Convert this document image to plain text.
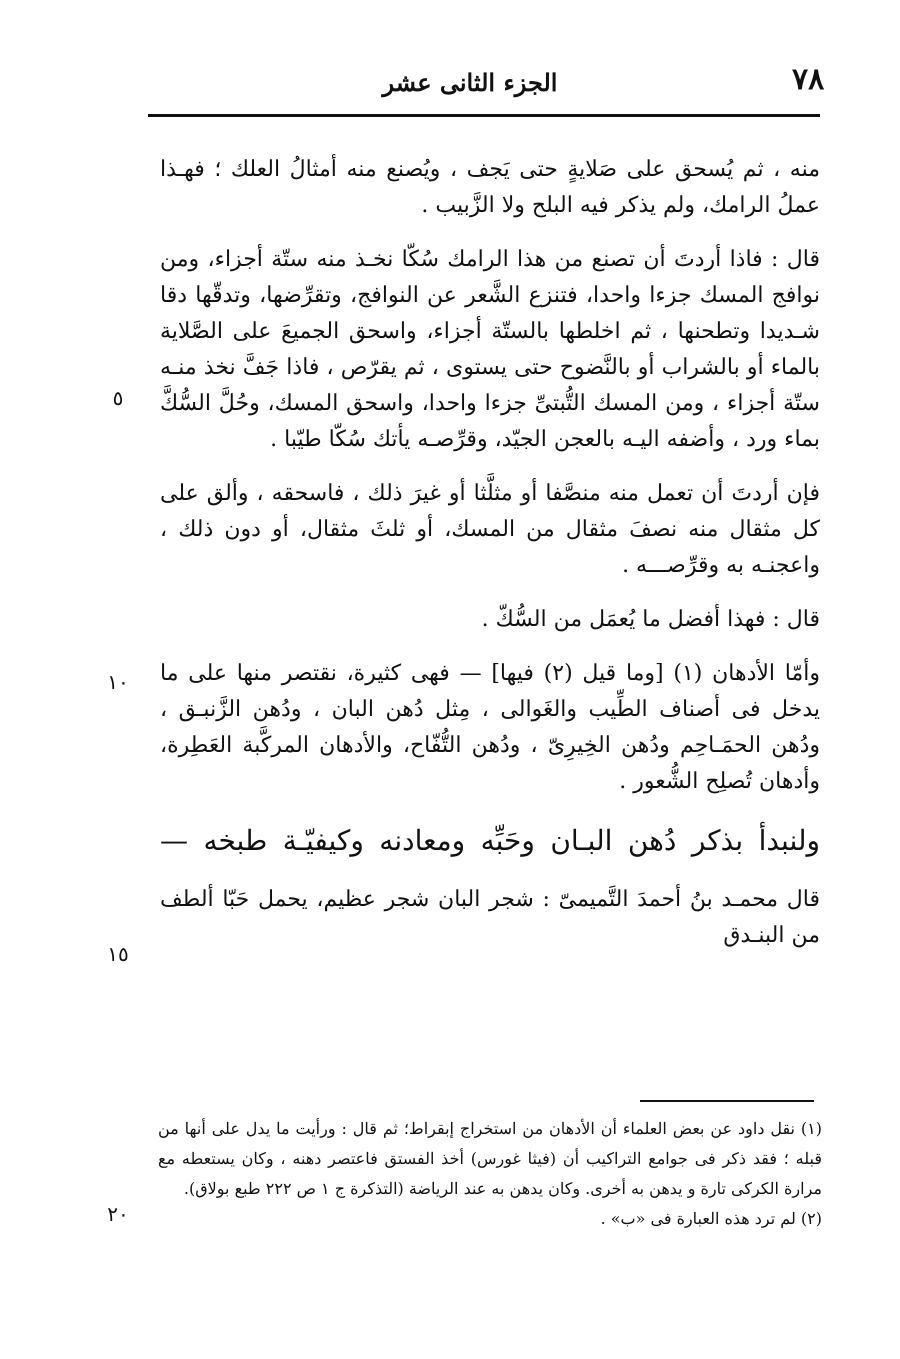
٧٨
الجزء الثانى عشر

منه ، ثم يُسحق على صَلايةٍ حتى يَجف ، ويُصنع منه أمثالُ العلك ؛ فهـذا عملُ الرامك، ولم يذكر فيه البلح ولا الزَّبيب .

قال : فاذا أردتَ أن تصنع من هذا الرامك سُكّا نخـذ منه ستّة أجزاء، ومن نوافج المسك جزءا واحدا، فتنزع الشَّعر عن النوافج، وتقرِّضها، وتدقّها دقا شـديدا وتطحنها ، ثم اخلطها بالستّة أجزاء، واسحق الجميعَ على الصَّلاية بالماء أو بالشراب أو بالنَّضوح حتى يستوى ، ثم يقرّص ، فاذا جَفَّ نخذ منـه ستّة أجزاء ، ومن المسك التُّبتىِّ جزءا واحدا، واسحق المسك، وحُلَّ السُّكَّ بماء ورد ، وأضفه اليـه بالعجن الجيّد، وقرِّصـه يأتك سُكّا طيّبا .

فإن أردتَ أن تعمل منه منصَّفا أو مثلَّثا أو غيرَ ذلك ، فاسحقه ، وألق على كل مثقال منه نصفَ مثقال من المسك، أو ثلثَ مثقال، أو دون ذلك ، واعجنـه به وقرِّصـــه .

قال : فهذا أفضل ما يُعمَل من السُّكّ .

وأمّا الأدهان (١) [وما قيل (٢) فيها] — فهى كثيرة، نقتصر منها على ما يدخل فى أصناف الطِّيب والغَوالى ، مِثل دُهن البان ، ودُهن الزَّنبـق ، ودُهن الحمَـاحِم ودُهن الخِيرِىّ ، ودُهن التُّفّاح، والأدهان المركَّبة العَطِرة، وأدهان تُصلِح الشُّعور .

ولنبدأ بذكر دُهن البـان وحَبِّه ومعادنه وكيفيّـة طبخه —

قال محمـد بنُ أحمدَ التَّميمىّ : شجر البان شجر عظيم، يحمل حَبّا ألطف من البنـدق

٥
١٠
١٥
٢٠

(١) نقل داود عن بعض العلماء أن الأدهان من استخراج إبقراط؛ ثم قال : ورأيت ما يدل على أنها من قبله ؛ فقد ذكر فى جوامع التراكيب أن (فيثا غورس) أخذ الفستق فاعتصر دهنه ، وكان يستعطه مع مرارة الكركى تارة و يدهن به أخرى. وكان يدهن به عند الرياضة (التذكرة ج ١ ص ٢٢٢ طبع بولاق).

(٢) لم ترد هذه العبارة فى «ب» .
